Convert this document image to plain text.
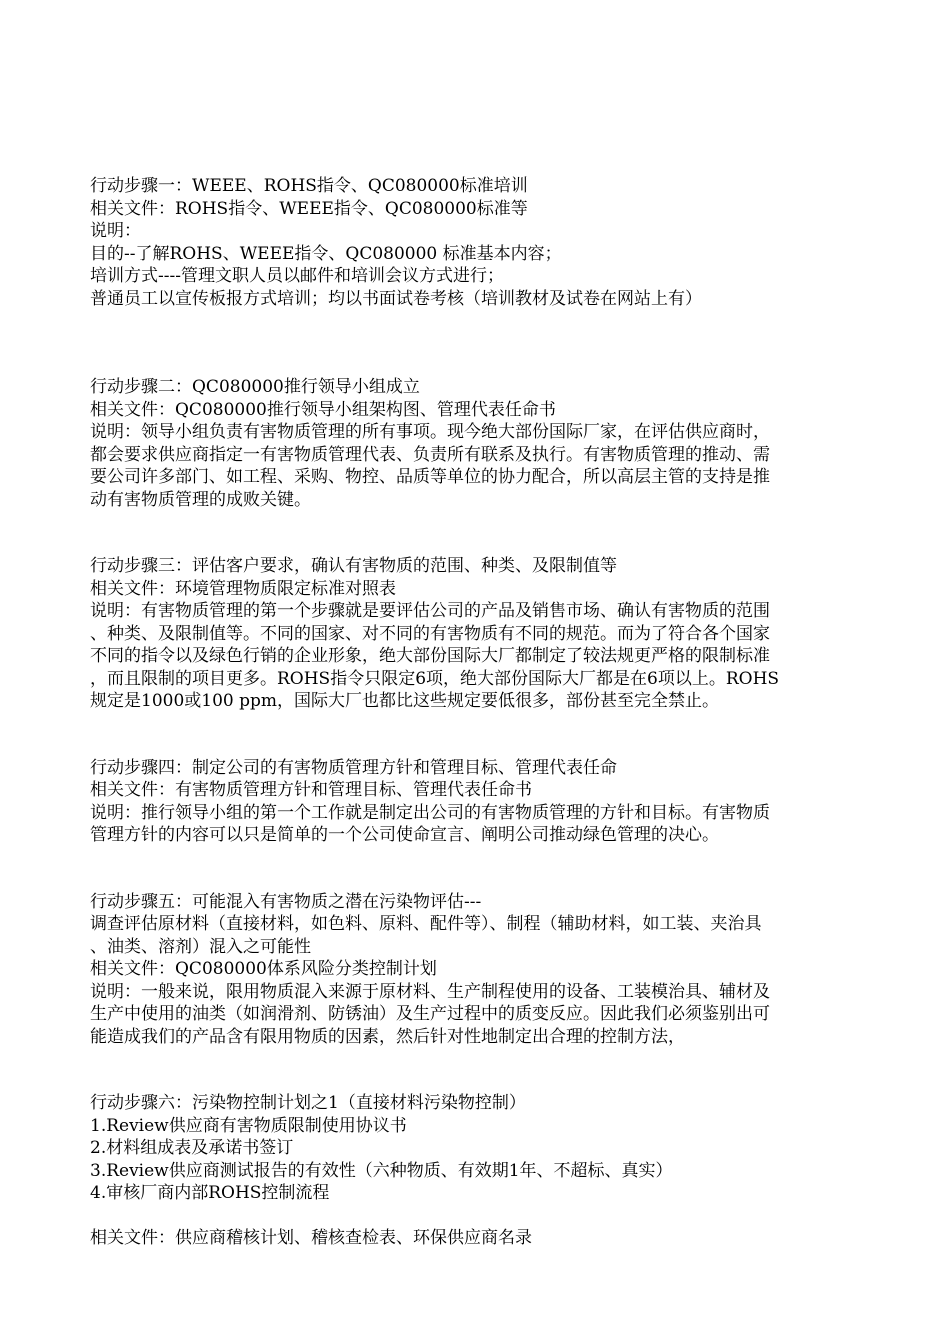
行动步骤一：WEEE、ROHS指令、QC080000标准培训

相关文件：ROHS指令、WEEE指令、QC080000标准等

说明：

目的--了解ROHS、WEEE指令、QC080000 标准基本内容；

培训方式----管理文职人员以邮件和培训会议方式进行；

普通员工以宣传板报方式培训；均以书面试卷考核（培训教材及试卷在网站上有）

行动步骤二：QC080000推行领导小组成立

相关文件：QC080000推行领导小组架构图、管理代表任命书

说明：领导小组负责有害物质管理的所有事项。现今绝大部份国际厂家，在评估供应商时，

都会要求供应商指定一有害物质管理代表、负责所有联系及执行。有害物质管理的推动、需

要公司许多部门、如工程、采购、物控、品质等单位的协力配合，所以高层主管的支持是推

动有害物质管理的成败关键。

行动步骤三：评估客户要求，确认有害物质的范围、种类、及限制值等

相关文件：环境管理物质限定标准对照表

说明：有害物质管理的第一个步骤就是要评估公司的产品及销售市场、确认有害物质的范围

、种类、及限制值等。不同的国家、对不同的有害物质有不同的规范。而为了符合各个国家

不同的指令以及绿色行销的企业形象，绝大部份国际大厂都制定了较法规更严格的限制标准

，而且限制的项目更多。ROHS指令只限定6项，绝大部份国际大厂都是在6项以上。ROHS

规定是1000或100 ppm，国际大厂也都比这些规定要低很多，部份甚至完全禁止。

行动步骤四：制定公司的有害物质管理方针和管理目标、管理代表任命

相关文件：有害物质管理方针和管理目标、管理代表任命书

说明：推行领导小组的第一个工作就是制定出公司的有害物质管理的方针和目标。有害物质

管理方针的内容可以只是简单的一个公司使命宣言、阐明公司推动绿色管理的决心。

行动步骤五：可能混入有害物质之潜在污染物评估---

调查评估原材料（直接材料，如色料、原料、配件等）、制程（辅助材料，如工装、夹治具

、油类、溶剂）混入之可能性

相关文件：QC080000体系风险分类控制计划

说明：一般来说，限用物质混入来源于原材料、生产制程使用的设备、工装模治具、辅材及

生产中使用的油类（如润滑剂、防锈油）及生产过程中的质变反应。因此我们必须鉴别出可

能造成我们的产品含有限用物质的因素，然后针对性地制定出合理的控制方法，

行动步骤六：污染物控制计划之1（直接材料污染物控制）

1.Review供应商有害物质限制使用协议书

2.材料组成表及承诺书签订

3.Review供应商测试报告的有效性（六种物质、有效期1年、不超标、真实）

4.审核厂商内部ROHS控制流程

相关文件：供应商稽核计划、稽核查检表、环保供应商名录
